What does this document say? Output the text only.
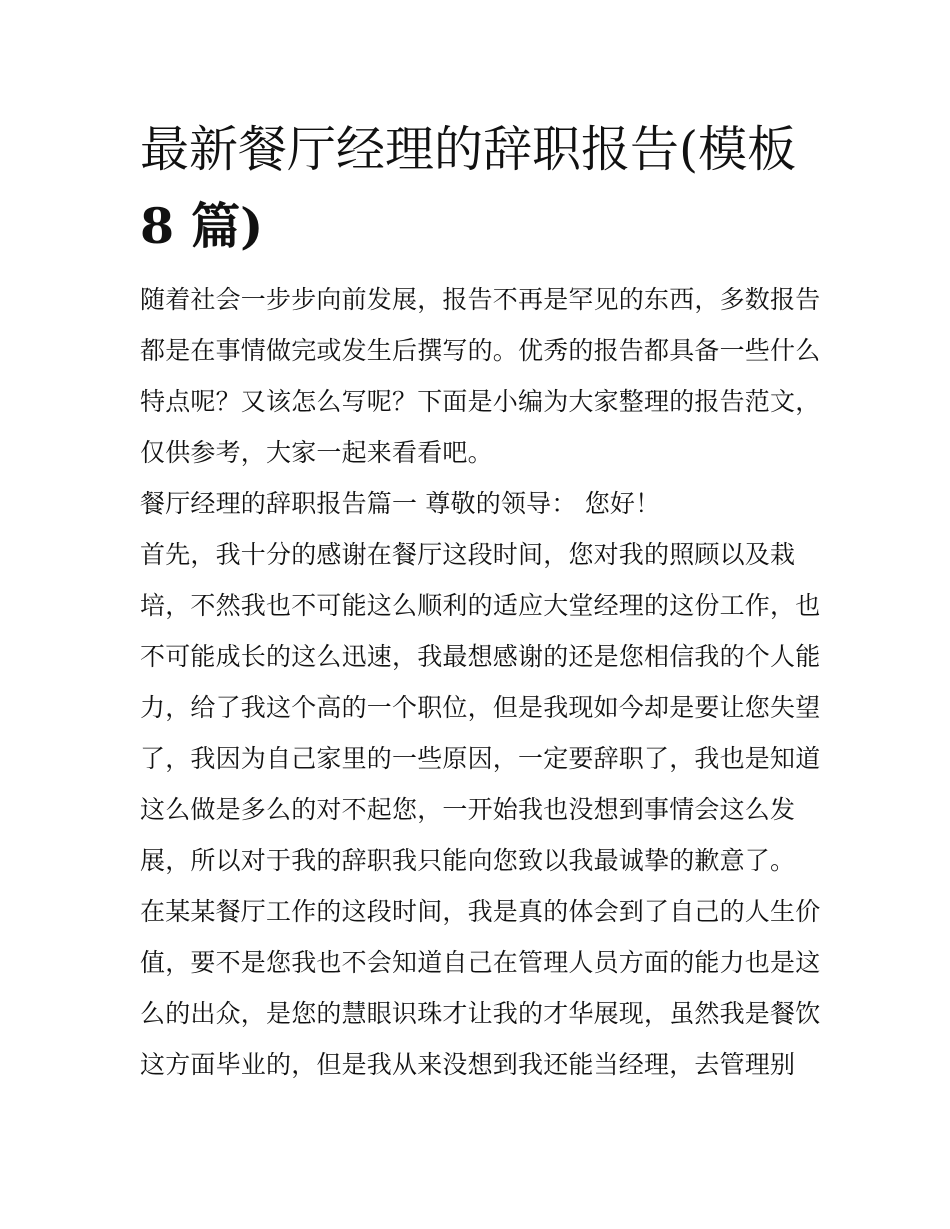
最新餐厅经理的辞职报告(模板
8 篇)
随着社会一步步向前发展，报告不再是罕见的东西，多数报告
都是在事情做完或发生后撰写的。优秀的报告都具备一些什么
特点呢？又该怎么写呢？下面是小编为大家整理的报告范文，
仅供参考，大家一起来看看吧。
餐厅经理的辞职报告篇一 尊敬的领导： 您好！
首先，我十分的感谢在餐厅这段时间，您对我的照顾以及栽
培，不然我也不可能这么顺利的适应大堂经理的这份工作，也
不可能成长的这么迅速，我最想感谢的还是您相信我的个人能
力，给了我这个高的一个职位，但是我现如今却是要让您失望
了，我因为自己家里的一些原因，一定要辞职了，我也是知道
这么做是多么的对不起您，一开始我也没想到事情会这么发
展，所以对于我的辞职我只能向您致以我最诚挚的歉意了。
在某某餐厅工作的这段时间，我是真的体会到了自己的人生价
值，要不是您我也不会知道自己在管理人员方面的能力也是这
么的出众，是您的慧眼识珠才让我的才华展现，虽然我是餐饮
这方面毕业的，但是我从来没想到我还能当经理，去管理别
